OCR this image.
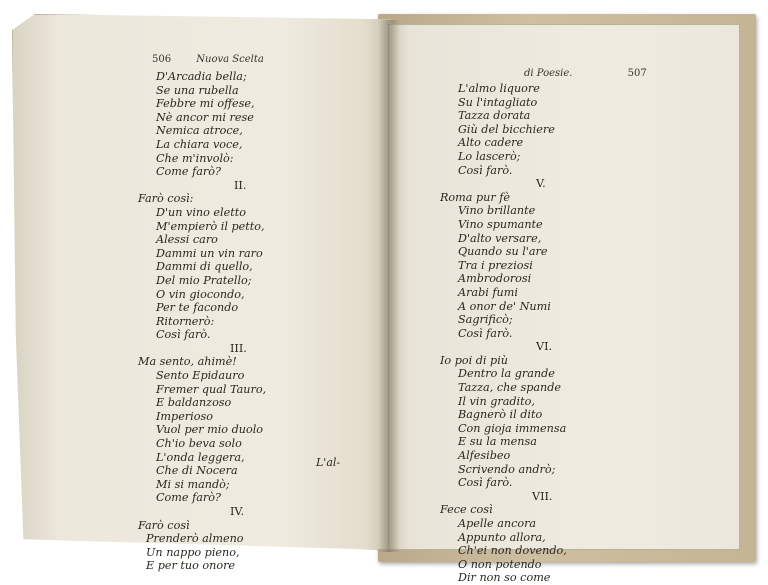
506	Nuova Scelta
D'Arcadia bella;
Se una rubella
Febbre mi offese,
Nè ancor mi rese
Nemica atroce,
La chiara voce,
Che m'involò:
Come farò?
II.
Farò così:
D'un vino eletto
M'empierò il petto,
Alessi caro
Dammi un vin raro
Dammi di quello,
Del mio Pratello;
O vin giocondo,
Per te facondo
Ritornerò:
Così farò.
III.
Ma sento, ahimè!
Sento Epidauro
Fremer qual Tauro,
E baldanzoso
Imperioso
Vuol per mio duolo
Ch'io beva solo
L'onda leggera,
Che di Nocera
Mi si mandò;
Come farò?
IV.
Farò così
Prenderò almeno
Un nappo pieno,
E per tuo onore
L'al-
di Poesie.	507
L'almo liquore
Su l'intagliato
Tazza dorata
Giù del bicchiere
Alto cadere
Lo lascerò;
Così farò.
V.
Roma pur fè
Vino brillante
Vino spumante
D'alto versare,
Quando su l'are
Tra i preziosi
Ambrodorosi
Arabi fumi
A onor de' Numi
Sagrificò;
Così farò.
VI.
Io poi di più
Dentro la grande
Tazza, che spande
Il vin gradito,
Bagnerò il dito
Con gioja immensa
E su la mensa
Alfesibeo
Scrivendo andrò;
Così farò.
VII.
Fece così
Apelle ancora
Appunto allora,
Ch'ei non dovendo,
O non potendo
Dir non so come
